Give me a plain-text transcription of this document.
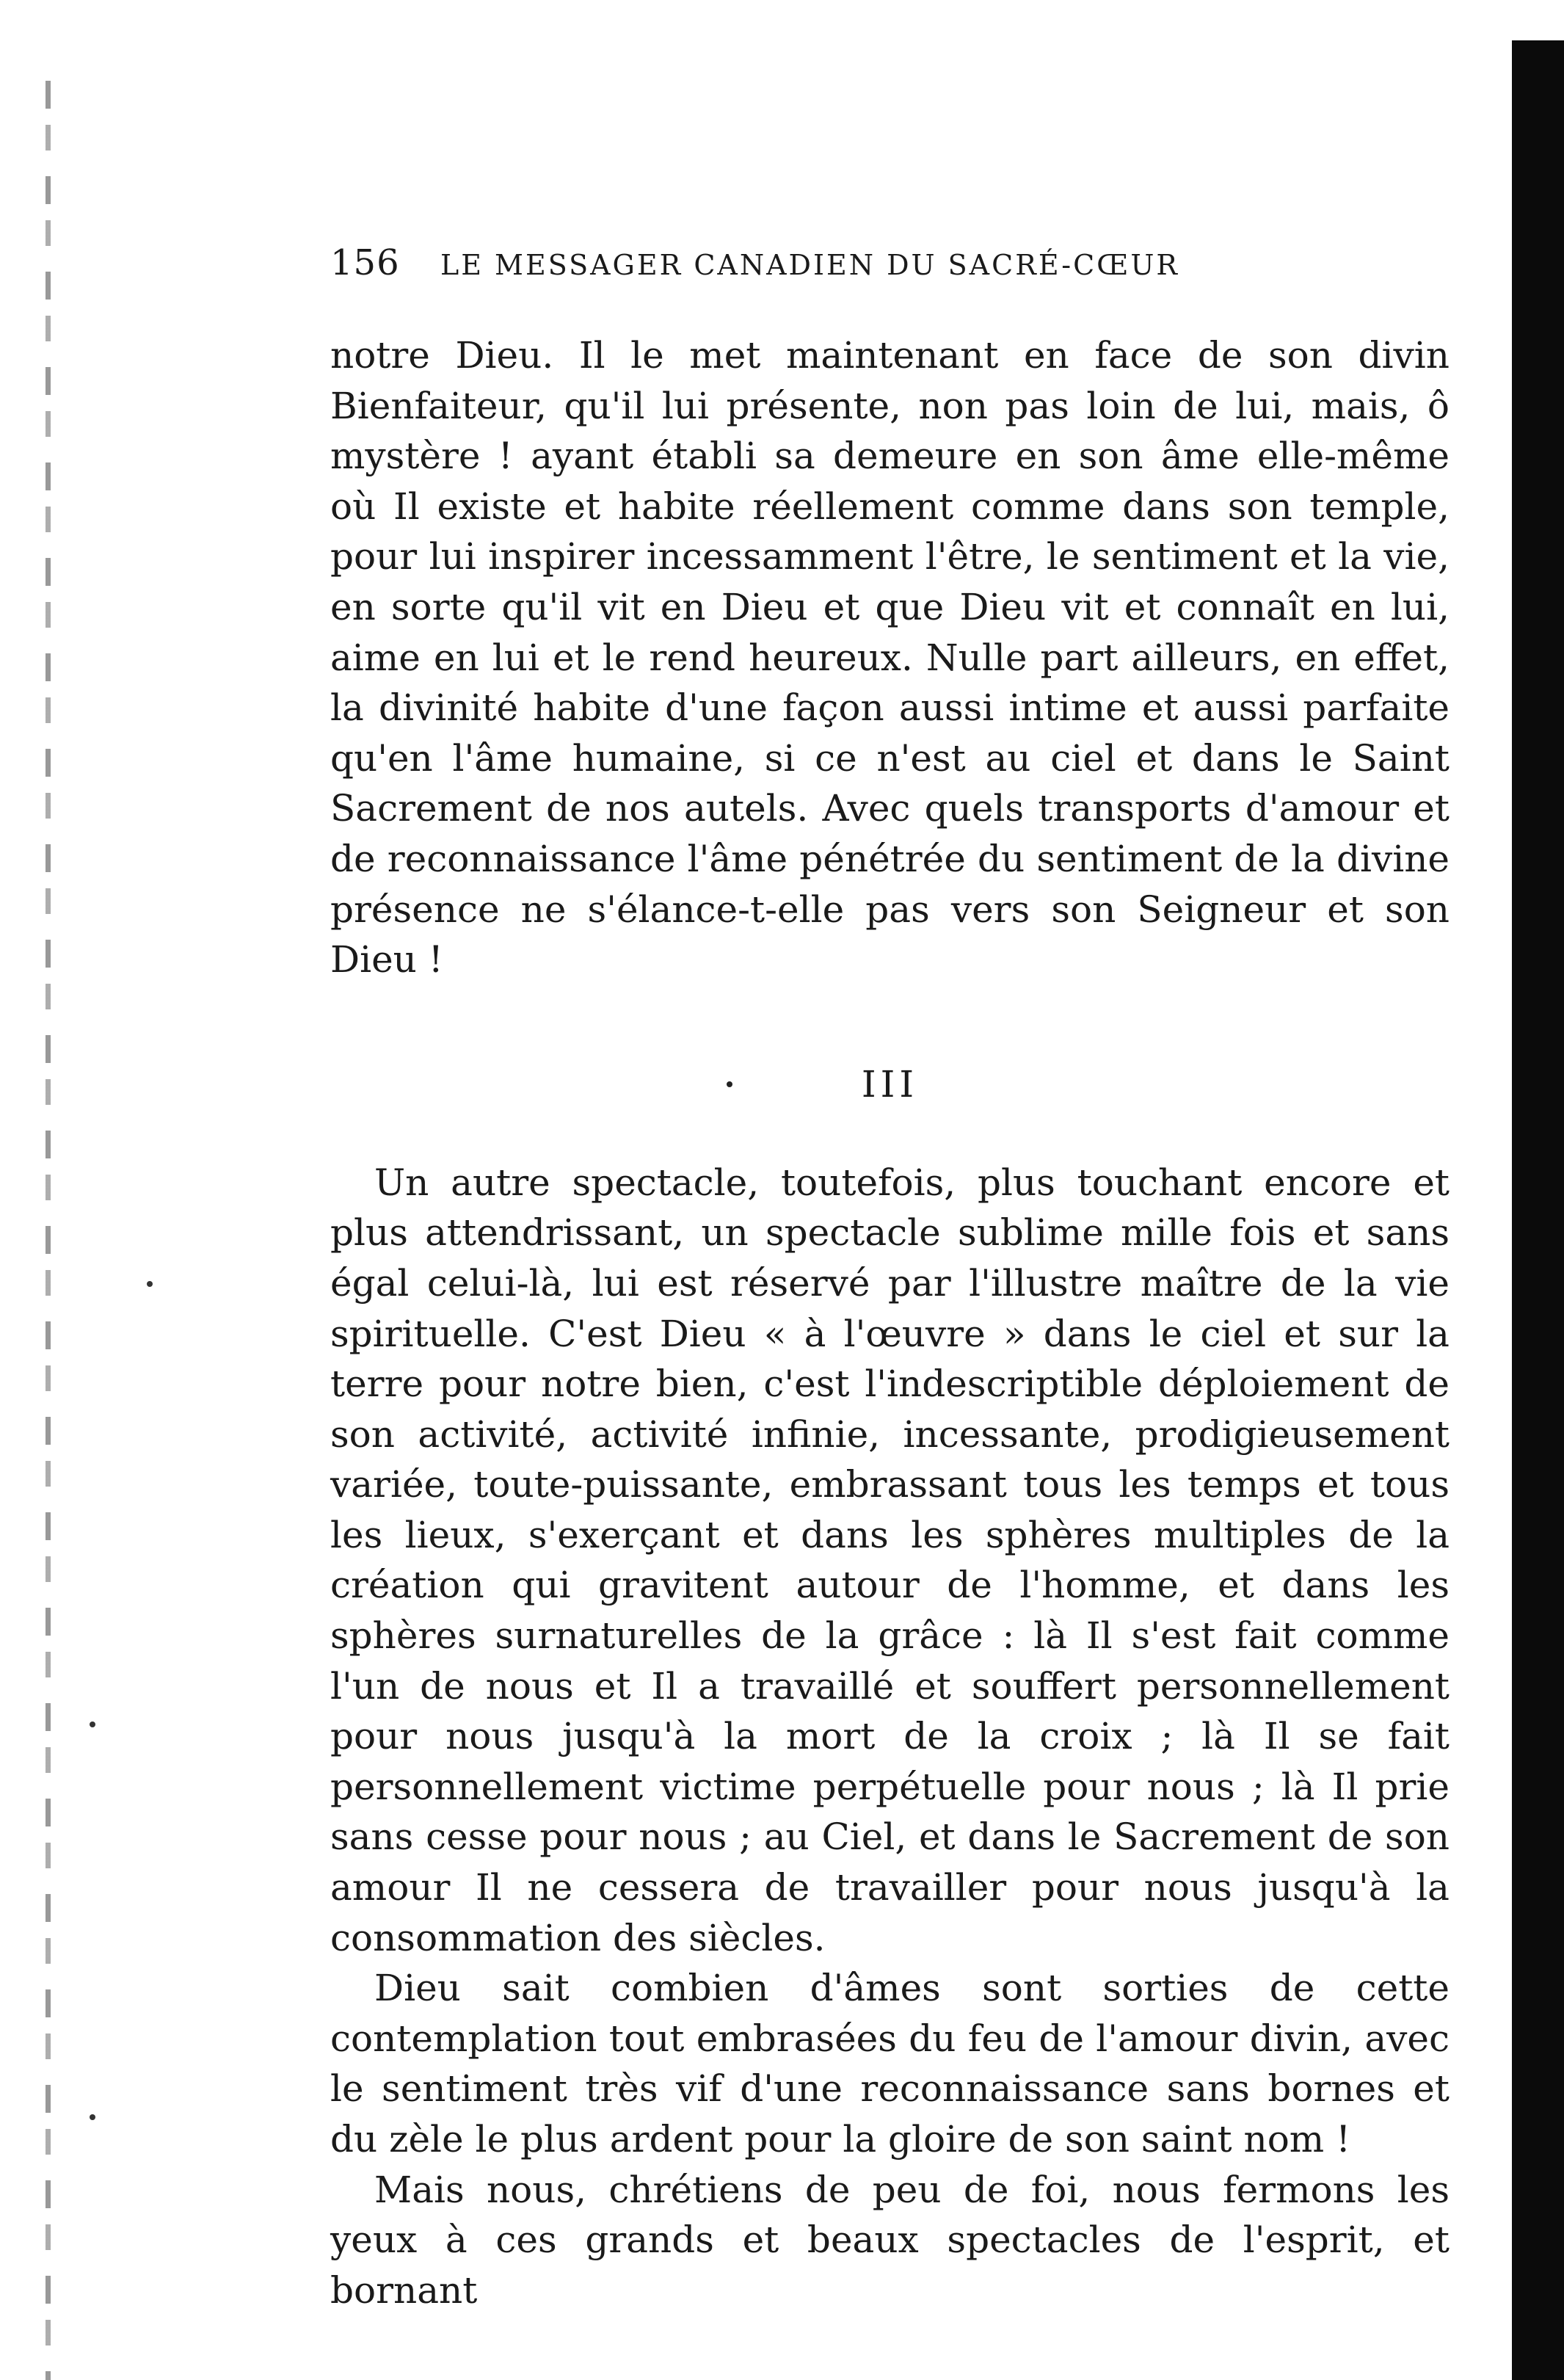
156	LE MESSAGER CANADIEN DU SACRÉ-CŒUR

notre Dieu. Il le met maintenant en face de son divin Bienfaiteur, qu'il lui présente, non pas loin de lui, mais, ô mystère ! ayant établi sa demeure en son âme elle-même où Il existe et habite réellement comme dans son temple, pour lui inspirer incessamment l'être, le sentiment et la vie, en sorte qu'il vit en Dieu et que Dieu vit et connaît en lui, aime en lui et le rend heureux. Nulle part ailleurs, en effet, la divinité habite d'une façon aussi intime et aussi parfaite qu'en l'âme humaine, si ce n'est au ciel et dans le Saint Sacrement de nos autels. Avec quels transports d'amour et de reconnaissance l'âme pénétrée du sentiment de la divine présence ne s'élance-t-elle pas vers son Seigneur et son Dieu !

III

Un autre spectacle, toutefois, plus touchant encore et plus attendrissant, un spectacle sublime mille fois et sans égal celui-là, lui est réservé par l'illustre maître de la vie spirituelle. C'est Dieu « à l'œuvre » dans le ciel et sur la terre pour notre bien, c'est l'indescriptible déploiement de son activité, activité infinie, incessante, prodigieusement variée, toute-puissante, embrassant tous les temps et tous les lieux, s'exerçant et dans les sphères multiples de la création qui gravitent autour de l'homme, et dans les sphères surnaturelles de la grâce : là Il s'est fait comme l'un de nous et Il a travaillé et souffert personnellement pour nous jusqu'à la mort de la croix ; là Il se fait personnellement victime perpétuelle pour nous ; là Il prie sans cesse pour nous ; au Ciel, et dans le Sacrement de son amour Il ne cessera de travailler pour nous jusqu'à la consommation des siècles.

Dieu sait combien d'âmes sont sorties de cette contemplation tout embrasées du feu de l'amour divin, avec le sentiment très vif d'une reconnaissance sans bornes et du zèle le plus ardent pour la gloire de son saint nom !

Mais nous, chrétiens de peu de foi, nous fermons les yeux à ces grands et beaux spectacles de l'esprit, et bornant
